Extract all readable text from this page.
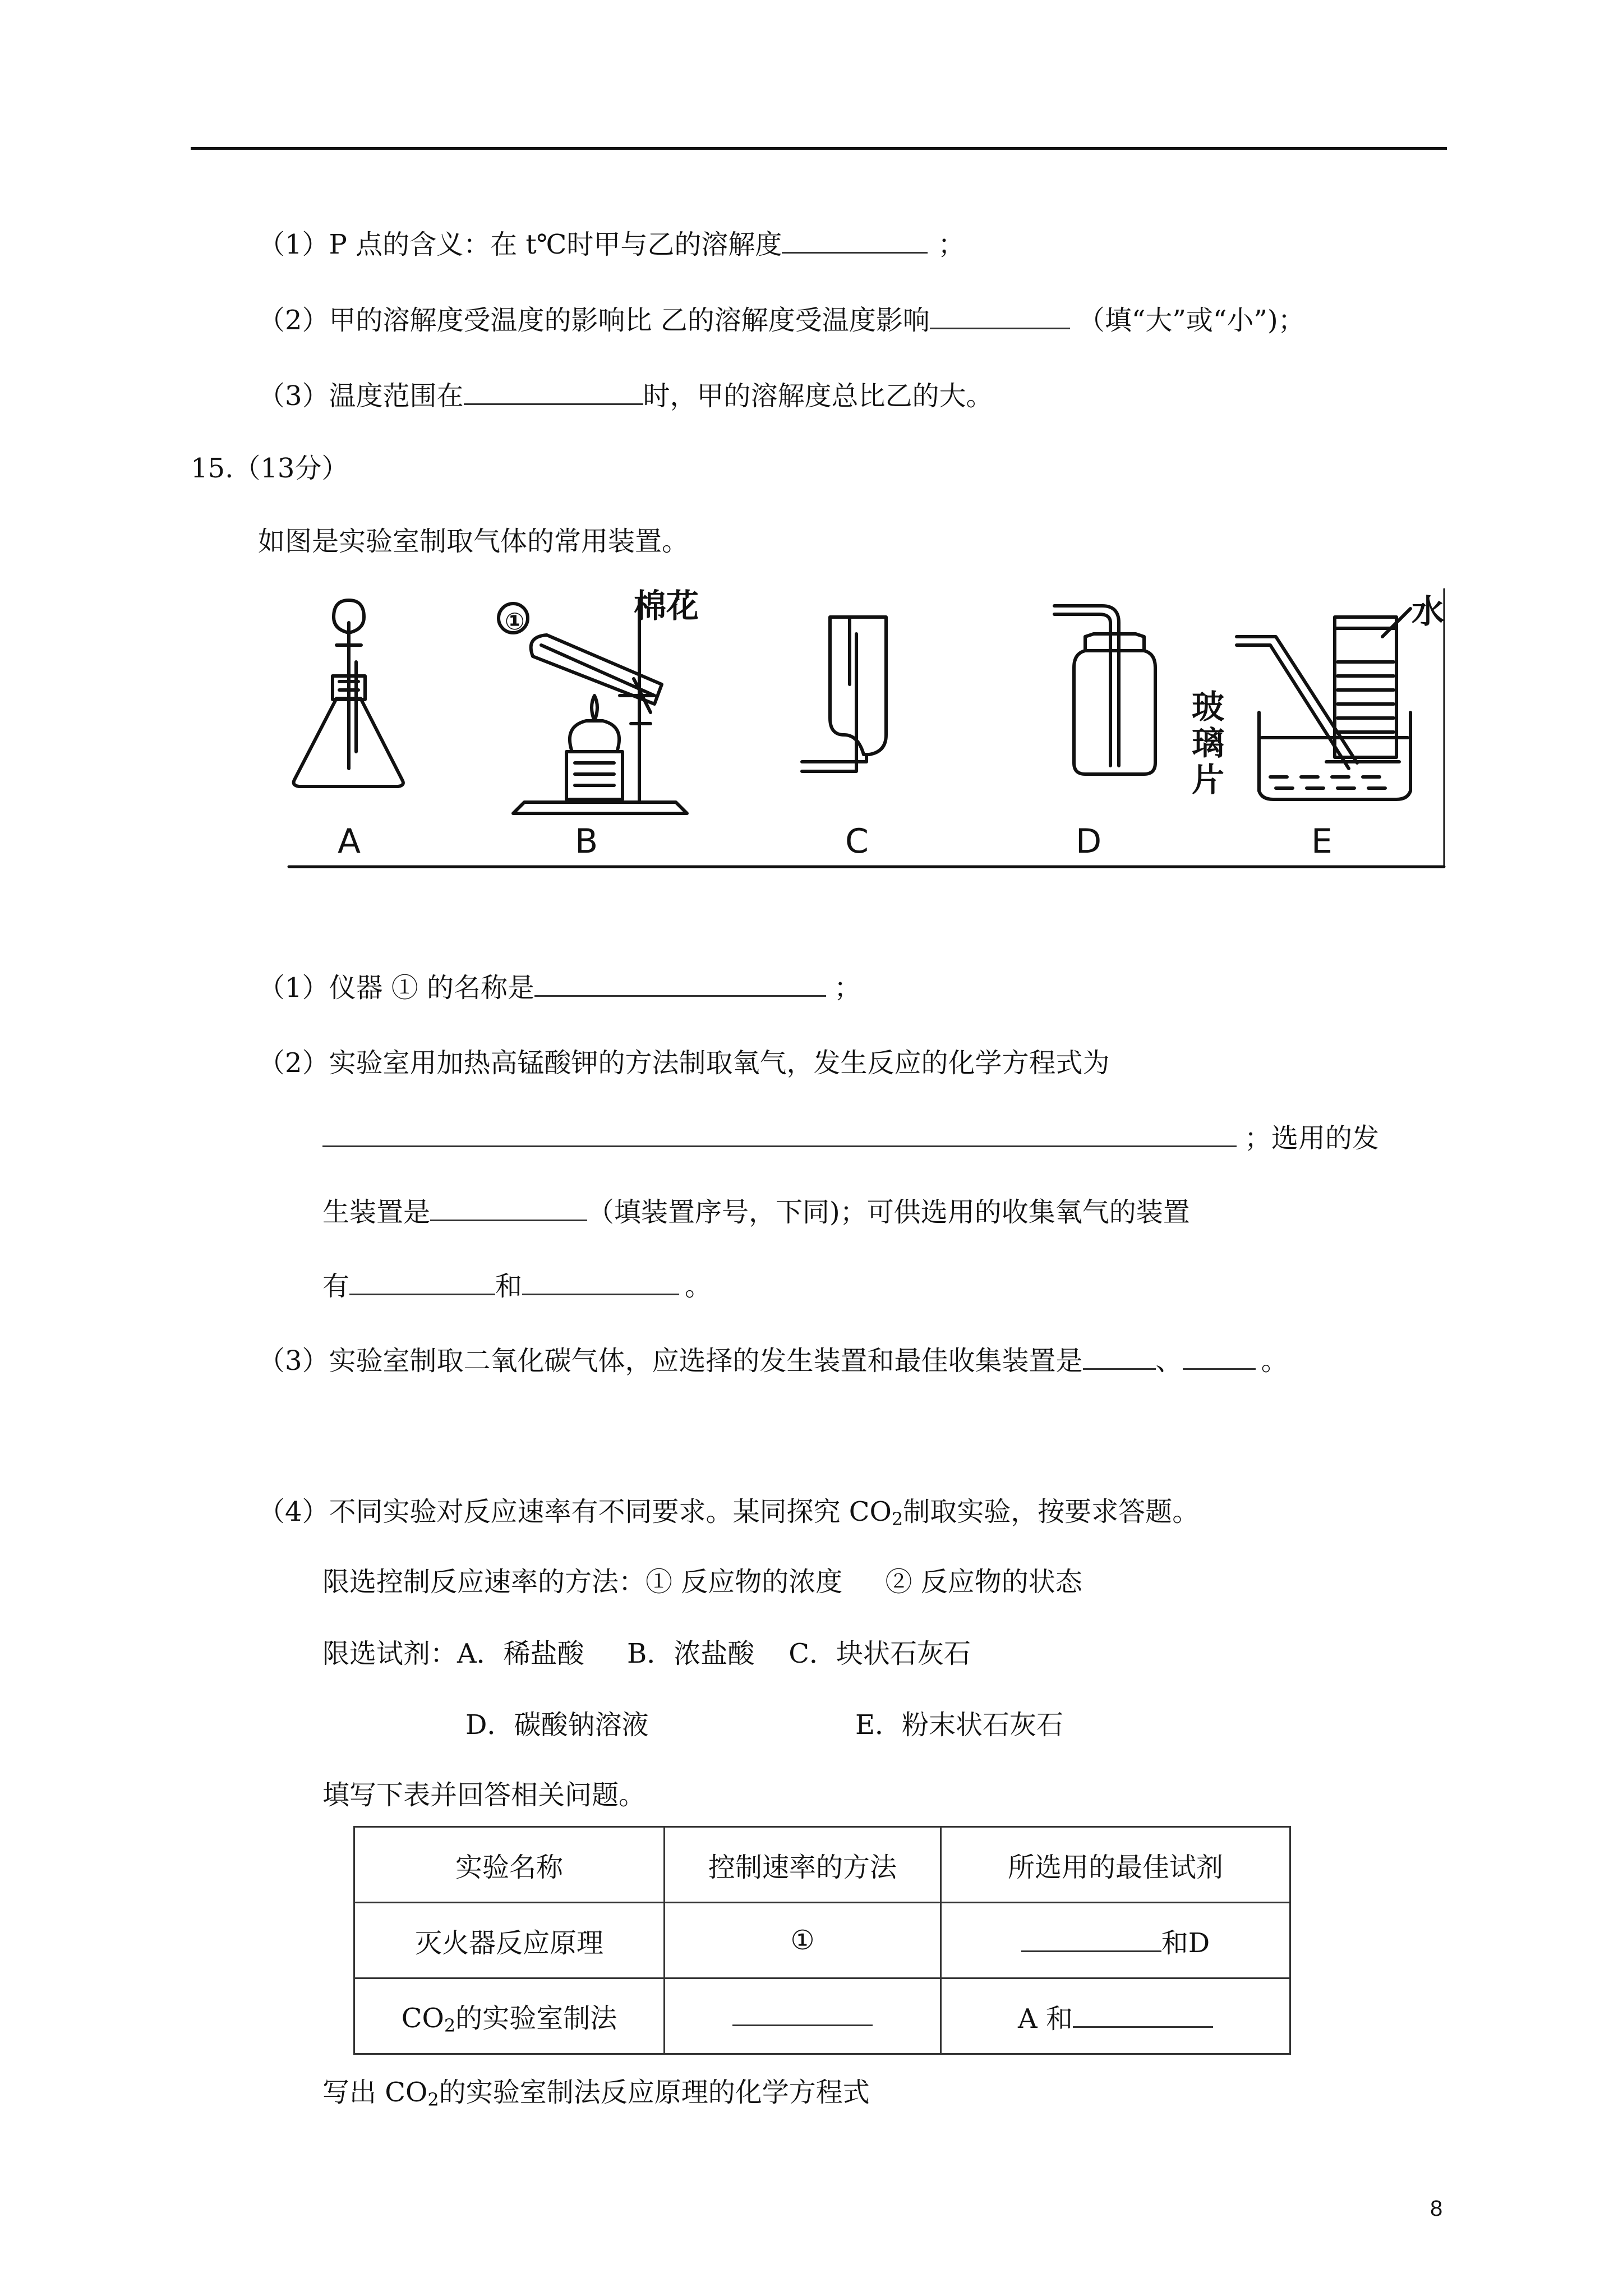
（1）P 点的含义：在 t℃时甲与乙的溶解度	；
（2）甲的溶解度受温度的影响比 乙的溶解度受温度影响	（填“大”或“小”)；
（3）温度范围在	时，甲的溶解度总比乙的大。
15.（13分）
如图是实验室制取气体的常用装置。
①	棉花	水
玻
璃
片
A	B	C	D	E
（1）仪器 ① 的名称是	；
（2）实验室用加热高锰酸钾的方法制取氧气，发生反应的化学方程式为
；选用的发
生装置是	（填装置序号，下同)；可供选用的收集氧气的装置
有	和	。
（3）实验室制取二氧化碳气体，应选择的发生装置和最佳收集装置是	、	。
（4）不同实验对反应速率有不同要求。某同探究 $CO_2$制取实验，按要求答题。
限选控制反应速率的方法：① 反应物的浓度     ② 反应物的状态
限选试剂：A．稀盐酸     B．浓盐酸    C．块状石灰石
D．碳酸钠溶液	E．粉末状石灰石
填写下表并回答相关问题。
实验名称	控制速率的方法	所选用的最佳试剂
灭火器反应原理	①	和D
$CO_2$的实验室制法		A 和
写出 $CO_2$的实验室制法反应原理的化学方程式
8
